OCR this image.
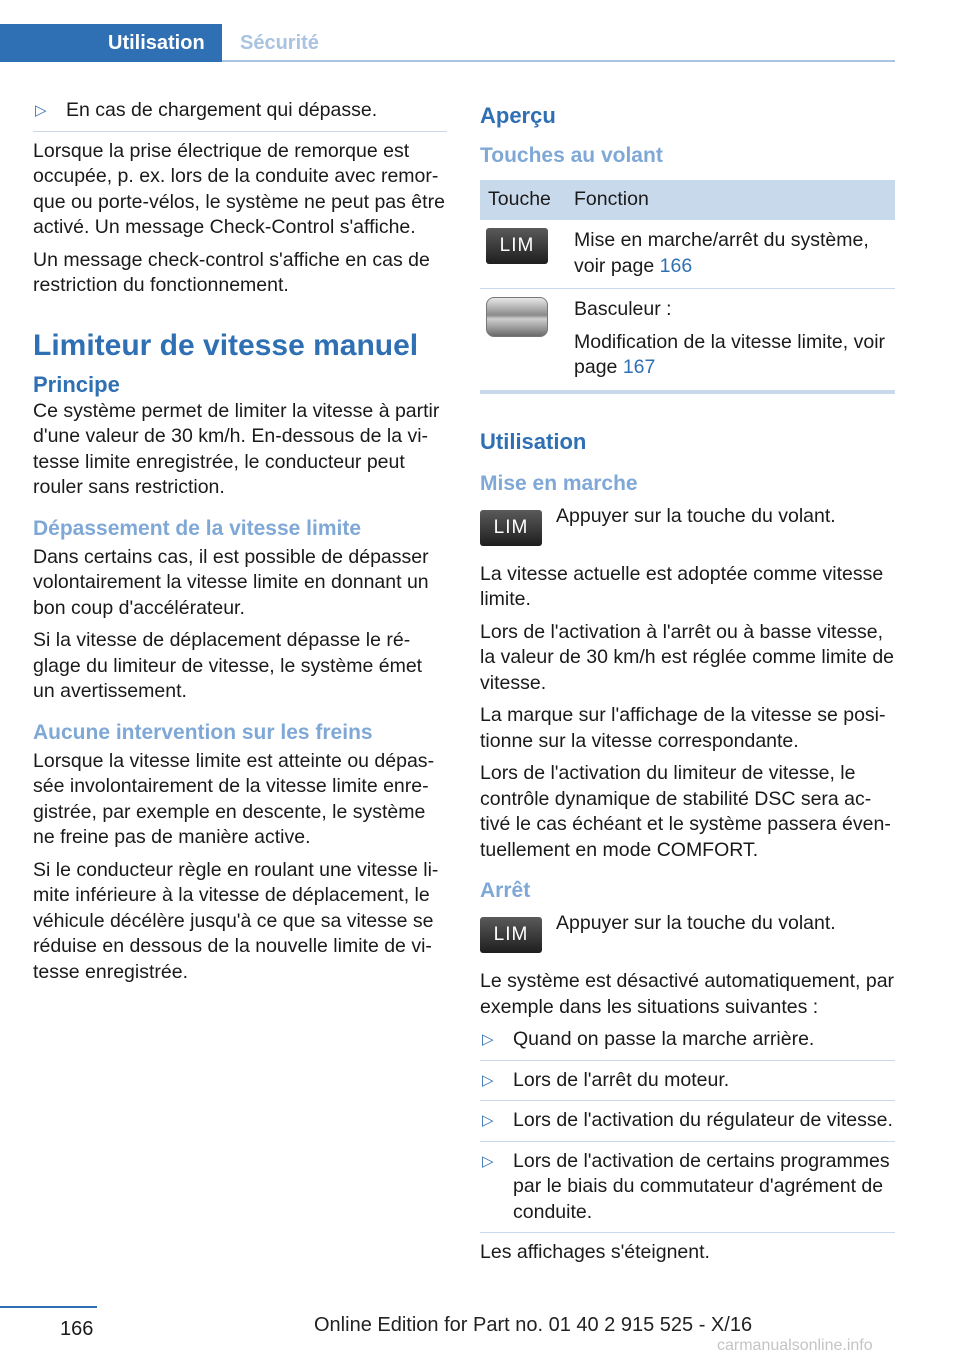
Utilisation Sécurité
▷ En cas de chargement qui dépasse.

Lorsque la prise électrique de remorque est occupée, p. ex. lors de la conduite avec remorque ou porte-vélos, le système ne peut pas être activé. Un message Check-Control s'affiche.

Un message check-control s'affiche en cas de restriction du fonctionnement.

Limiteur de vitesse manuel
Principe

Ce système permet de limiter la vitesse à partir d'une valeur de 30 km/h. En-dessous de la vitesse limite enregistrée, le conducteur peut rouler sans restriction.

Dépassement de la vitesse limite

Dans certains cas, il est possible de dépasser volontairement la vitesse limite en donnant un bon coup d'accélérateur.

Si la vitesse de déplacement dépasse le réglage du limiteur de vitesse, le système émet un avertissement.

Aucune intervention sur les freins

Lorsque la vitesse limite est atteinte ou dépassée involontairement de la vitesse limite enregistrée, par exemple en descente, le système ne freine pas de manière active.

Si le conducteur règle en roulant une vitesse limite inférieure à la vitesse de déplacement, le véhicule décélère jusqu'à ce que sa vitesse se réduise en dessous de la nouvelle limite de vitesse enregistrée.

Aperçu
Touches au volant
Touche	Fonction
LIM	Mise en marche/arrêt du système, voir page 166

	Basculeur :

Modification de la vitesse limite, voir page 167
Utilisation
Mise en marche
LIM
Appuyer sur la touche du volant.

La vitesse actuelle est adoptée comme vitesse limite.

Lors de l'activation à l'arrêt ou à basse vitesse, la valeur de 30 km/h est réglée comme limite de vitesse.

La marque sur l'affichage de la vitesse se positionne sur la vitesse correspondante.

Lors de l'activation du limiteur de vitesse, le contrôle dynamique de stabilité DSC sera activé le cas échéant et le système passera éventuellement en mode COMFORT.

Arrêt
LIM
Appuyer sur la touche du volant.

Le système est désactivé automatiquement, par exemple dans les situations suivantes :

▷ Quand on passe la marche arrière.
▷ Lors de l'arrêt du moteur.
▷ Lors de l'activation du régulateur de vitesse.
▷ Lors de l'activation de certains programmes par le biais du commutateur d'agrément de conduite.

Les affichages s'éteignent.

166	Online Edition for Part no. 01 40 2 915 525 - X/16
carmanualsonline.info
